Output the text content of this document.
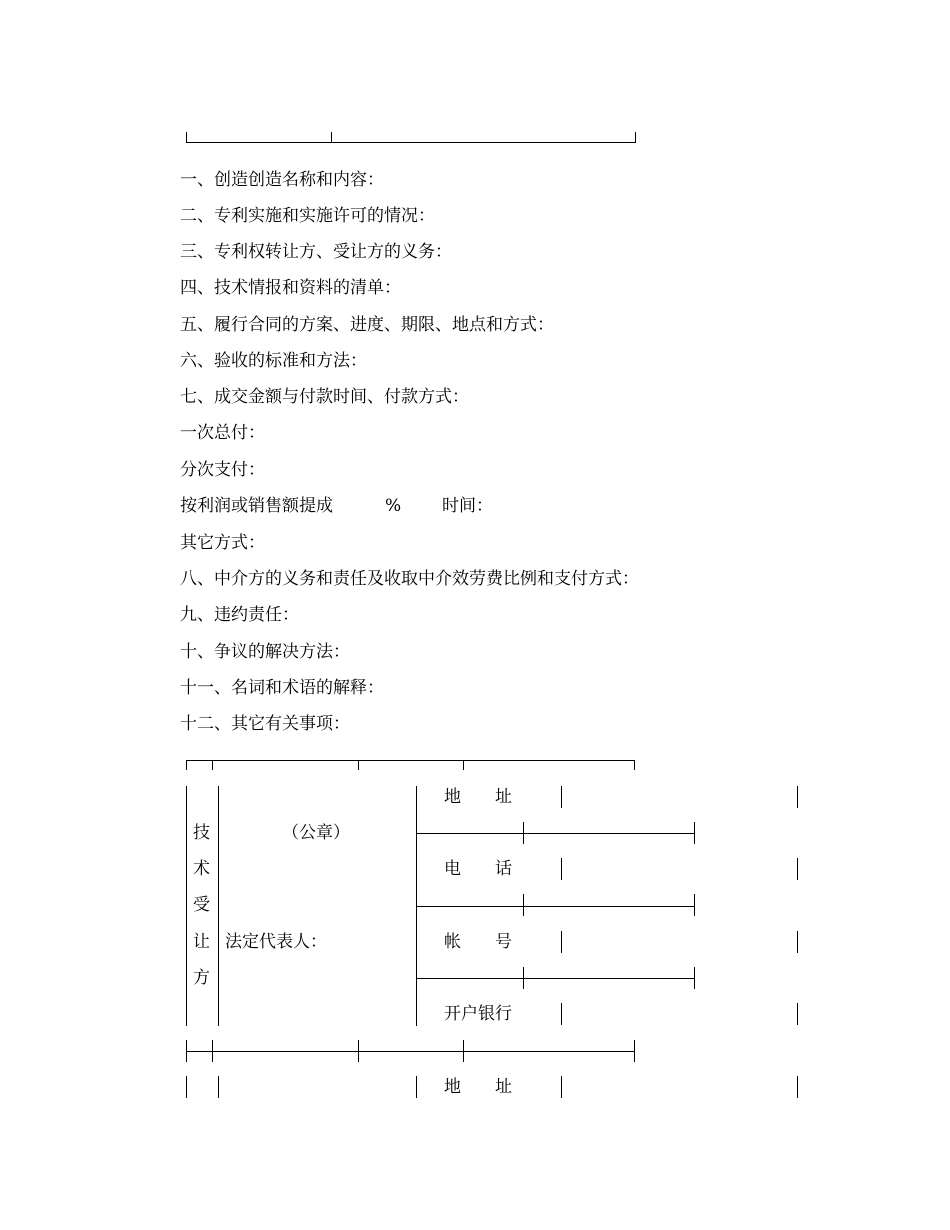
一、创造创造名称和内容：
二、专利实施和实施许可的情况：
三、专利权转让方、受让方的义务：
四、技术情报和资料的清单：
五、履行合同的方案、进度、期限、地点和方式：
六、验收的标准和方法：
七、成交金额与付款时间、付款方式：
一次总付：
分次支付：
按利润或销售额提成	% 时间：
其它方式：
八、中介方的义务和责任及收取中介效劳费比例和支付方式：
九、违约责任：
十、争议的解决方法：
十一、名词和术语的解释：
十二、其它有关事项：
技
术
受
让
方
（公章）
法定代表人：
地　　址
电　　话
帐　　号
开户银行
地　　址
